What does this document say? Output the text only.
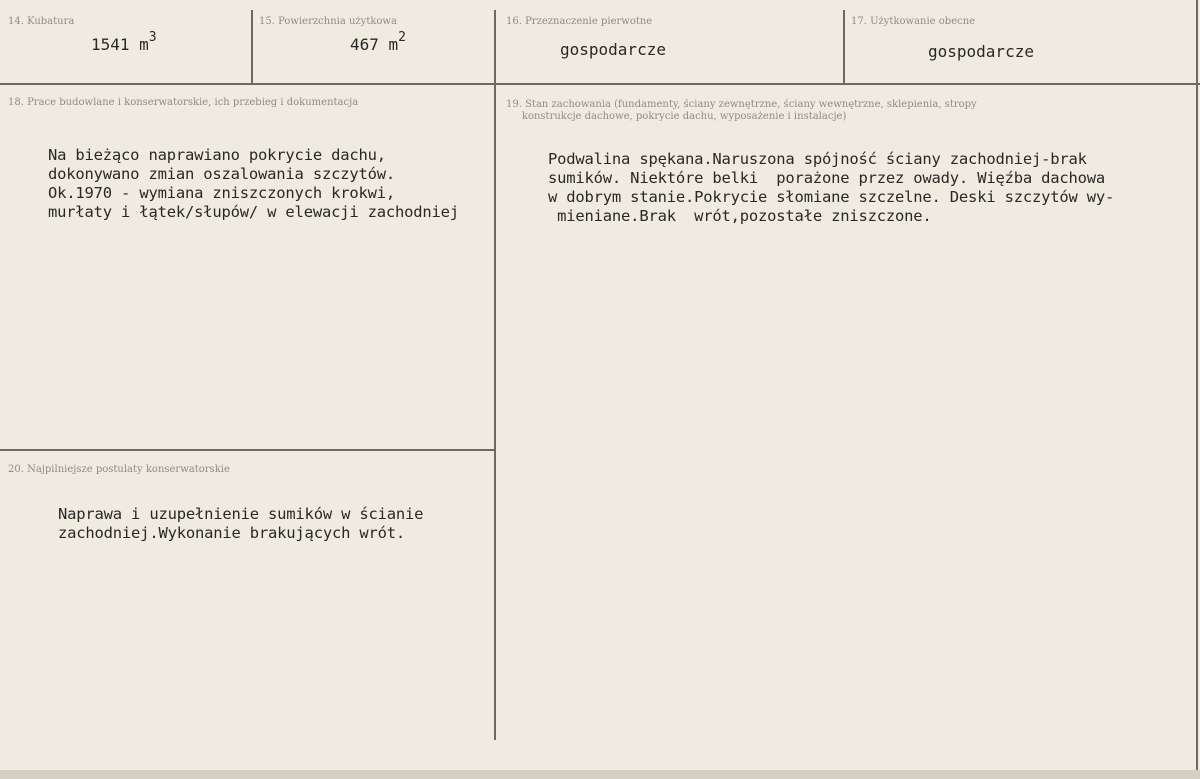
14. Kubatura
1541 $m^3$
15. Powierzchnia użytkowa
467 $m^2$
16. Przeznaczenie pierwotne
gospodarcze
17. Użytkowanie obecne
gospodarcze
18. Prace budowlane i konserwatorskie, ich przebieg i dokumentacja
Na bieżąco naprawiano pokrycie dachu,
dokonywano zmian oszalowania szczytów.
Ok.1970 - wymiana zniszczonych krokwi,
murłaty i łątek/słupów/ w elewacji zachodniej
19. Stan zachowania (fundamenty, ściany zewnętrzne, ściany wewnętrzne, sklepienia, stropy
konstrukcje dachowe, pokrycie dachu, wyposażenie i instalacje)
Podwalina spękana.Naruszona spójność ściany zachodniej-brak
sumików. Niektóre belki  porażone przez owady. Więźba dachowa
w dobrym stanie.Pokrycie słomiane szczelne. Deski szczytów wy-
mieniane.Brak  wrót,pozostałe zniszczone.
20. Najpilniejsze postulaty konserwatorskie
Naprawa i uzupełnienie sumików w ścianie
zachodniej.Wykonanie brakujących wrót.
